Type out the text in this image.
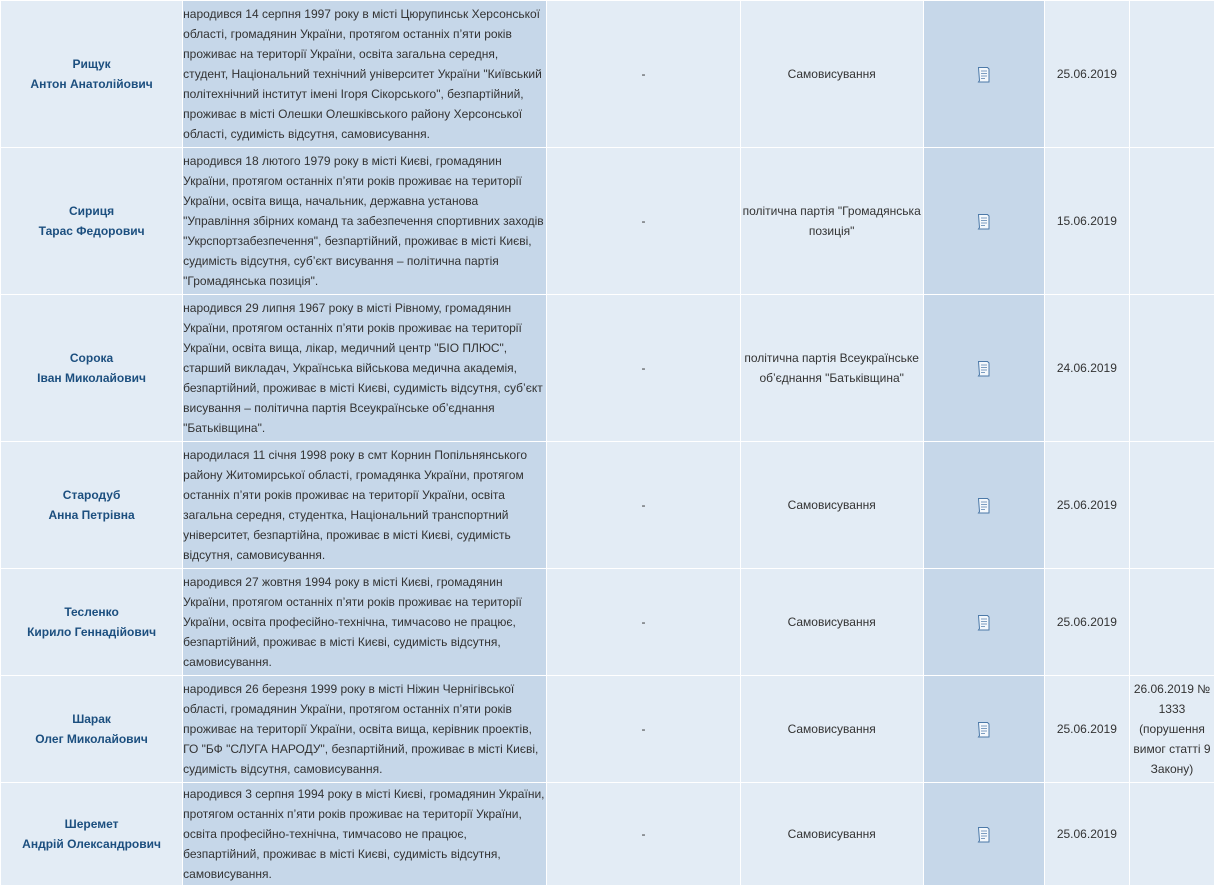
Рищук
Антон Анатолійович	народився 14 серпня 1997 року в місті Цюрупинськ Херсонської області, громадянин України, протягом останніх п’яти років проживає на території України, освіта загальна середня, студент, Національний технічний університет України "Київський політехнічний інститут імені Ігоря Сікорського", безпартійний, проживає в місті Олешки Олешківського району Херсонської області, судимість відсутня, самовисування.	-	Самовисування		25.06.2019	

Сириця
Тарас Федорович	народився 18 лютого 1979 року в місті Києві, громадянин України, протягом останніх п’яти років проживає на території України, освіта вища, начальник, державна установа "Управління збірних команд та забезпечення спортивних заходів "Укрспортзабезпечення", безпартійний, проживає в місті Києві, судимість відсутня, суб’єкт висування – політична партія "Громадянська позиція".	-	політична партія "Громадянська позиція"		15.06.2019	

Сорока
Іван Миколайович	народився 29 липня 1967 року в місті Рівному, громадянин України, протягом останніх п’яти років проживає на території України, освіта вища, лікар, медичний центр "БІО ПЛЮС", старший викладач, Українська військова медична академія, безпартійний, проживає в місті Києві, судимість відсутня, суб’єкт висування – політична партія Всеукраїнське об’єднання "Батьківщина".	-	політична партія Всеукраїнське об’єднання "Батьківщина"		24.06.2019	

Стародуб
Анна Петрівна	народилася 11 січня 1998 року в смт Корнин Попільнянського району Житомирської області, громадянка України, протягом останніх п’яти років проживає на території України, освіта загальна середня, студентка, Національний транспортний університет, безпартійна, проживає в місті Києві, судимість відсутня, самовисування.	-	Самовисування		25.06.2019	

Тесленко
Кирило Геннадійович	народився 27 жовтня 1994 року в місті Києві, громадянин України, протягом останніх п’яти років проживає на території України, освіта професійно-технічна, тимчасово не працює, безпартійний, проживає в місті Києві, судимість відсутня, самовисування.	-	Самовисування		25.06.2019	

Шарак
Олег Миколайович	народився 26 березня 1999 року в місті Ніжин Чернігівської області, громадянин України, протягом останніх п’яти років проживає на території України, освіта вища, керівник проектів, ГО "БФ "СЛУГА НАРОДУ", безпартійний, проживає в місті Києві, судимість відсутня, самовисування.	-	Самовисування		25.06.2019	26.06.2019 № 1333 (порушення вимог статті 9 Закону)

Шеремет
Андрій Олександрович	народився 3 серпня 1994 року в місті Києві, громадянин України, протягом останніх п’яти років проживає на території України, освіта професійно-технічна, тимчасово не працює, безпартійний, проживає в місті Києві, судимість відсутня, самовисування.	-	Самовисування		25.06.2019	
